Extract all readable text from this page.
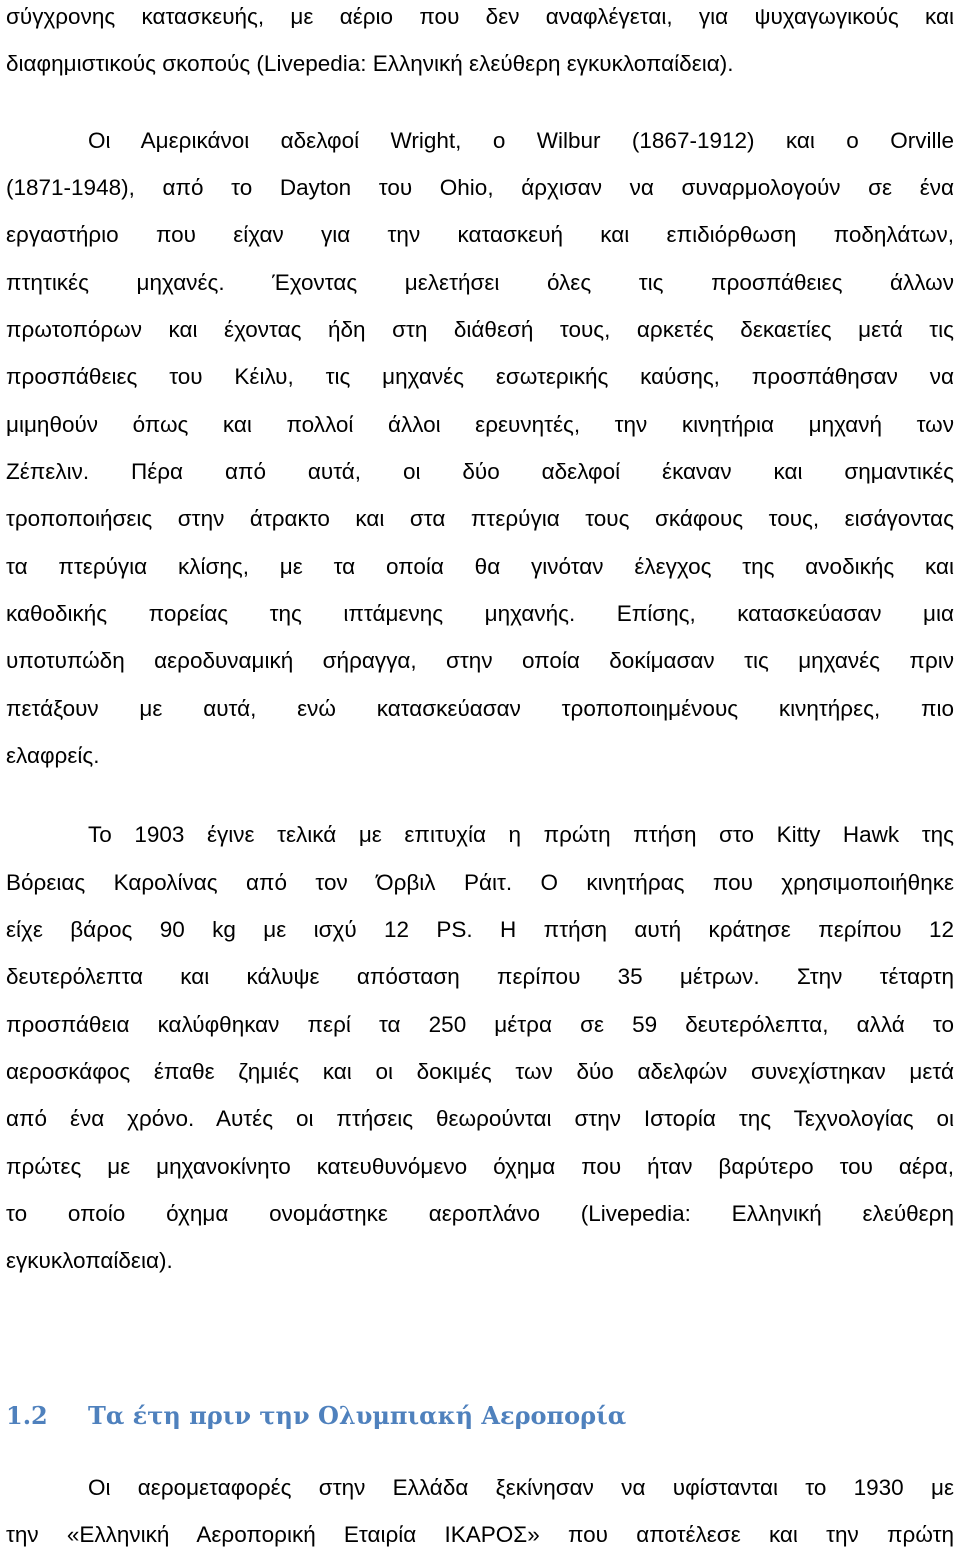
σύγχρονης κατασκευής, με αέριο που δεν αναφλέγεται, για ψυχαγωγικούς και
διαφημιστικούς σκοπούς (Livepedia: Ελληνική ελεύθερη εγκυκλοπαίδεια).
Οι Αμερικάνοι αδελφοί Wright, ο Wilbur (1867-1912) και ο Orville
(1871-1948), από το Dayton του Ohio, άρχισαν να συναρμολογούν σε ένα
εργαστήριο που είχαν για την κατασκευή και επιδιόρθωση ποδηλάτων,
πτητικές μηχανές. Έχοντας μελετήσει όλες τις προσπάθειες άλλων
πρωτοπόρων και έχοντας ήδη στη διάθεσή τους, αρκετές δεκαετίες μετά τις
προσπάθειες του Κέιλυ, τις μηχανές εσωτερικής καύσης, προσπάθησαν να
μιμηθούν όπως και πολλοί άλλοι ερευνητές, την κινητήρια μηχανή των
Ζέπελιν. Πέρα από αυτά, οι δύο αδελφοί έκαναν και σημαντικές
τροποποιήσεις στην άτρακτο και στα πτερύγια τους σκάφους τους, εισάγοντας
τα πτερύγια κλίσης, με τα οποία θα γινόταν έλεγχος της ανοδικής και
καθοδικής πορείας της ιπτάμενης μηχανής. Επίσης, κατασκεύασαν μια
υποτυπώδη αεροδυναμική σήραγγα, στην οποία δοκίμασαν τις μηχανές πριν
πετάξουν με αυτά, ενώ κατασκεύασαν τροποποιημένους κινητήρες, πιο
ελαφρείς.
Το 1903 έγινε τελικά με επιτυχία η πρώτη πτήση στο Kitty Hawk της
Βόρειας Καρολίνας από τον Όρβιλ Ράιτ. Ο κινητήρας που χρησιμοποιήθηκε
είχε βάρος 90 kg με ισχύ 12 PS. Η πτήση αυτή κράτησε περίπου 12
δευτερόλεπτα και κάλυψε απόσταση περίπου 35 μέτρων. Στην τέταρτη
προσπάθεια καλύφθηκαν περί τα 250 μέτρα σε 59 δευτερόλεπτα, αλλά το
αεροσκάφος έπαθε ζημιές και οι δοκιμές των δύο αδελφών συνεχίστηκαν μετά
από ένα χρόνο. Αυτές οι πτήσεις θεωρούνται στην Ιστορία της Τεχνολογίας οι
πρώτες με μηχανοκίνητο κατευθυνόμενο όχημα που ήταν βαρύτερο του αέρα,
το οποίο όχημα ονομάστηκε αεροπλάνο (Livepedia: Ελληνική ελεύθερη
εγκυκλοπαίδεια).
1.2 Τα έτη πριν την Ολυμπιακή Αεροπορία
Οι αερομεταφορές στην Ελλάδα ξεκίνησαν να υφίστανται το 1930 με
την «Ελληνική Αεροπορική Εταιρία ΙΚΑΡΟΣ» που αποτέλεσε και την πρώτη
